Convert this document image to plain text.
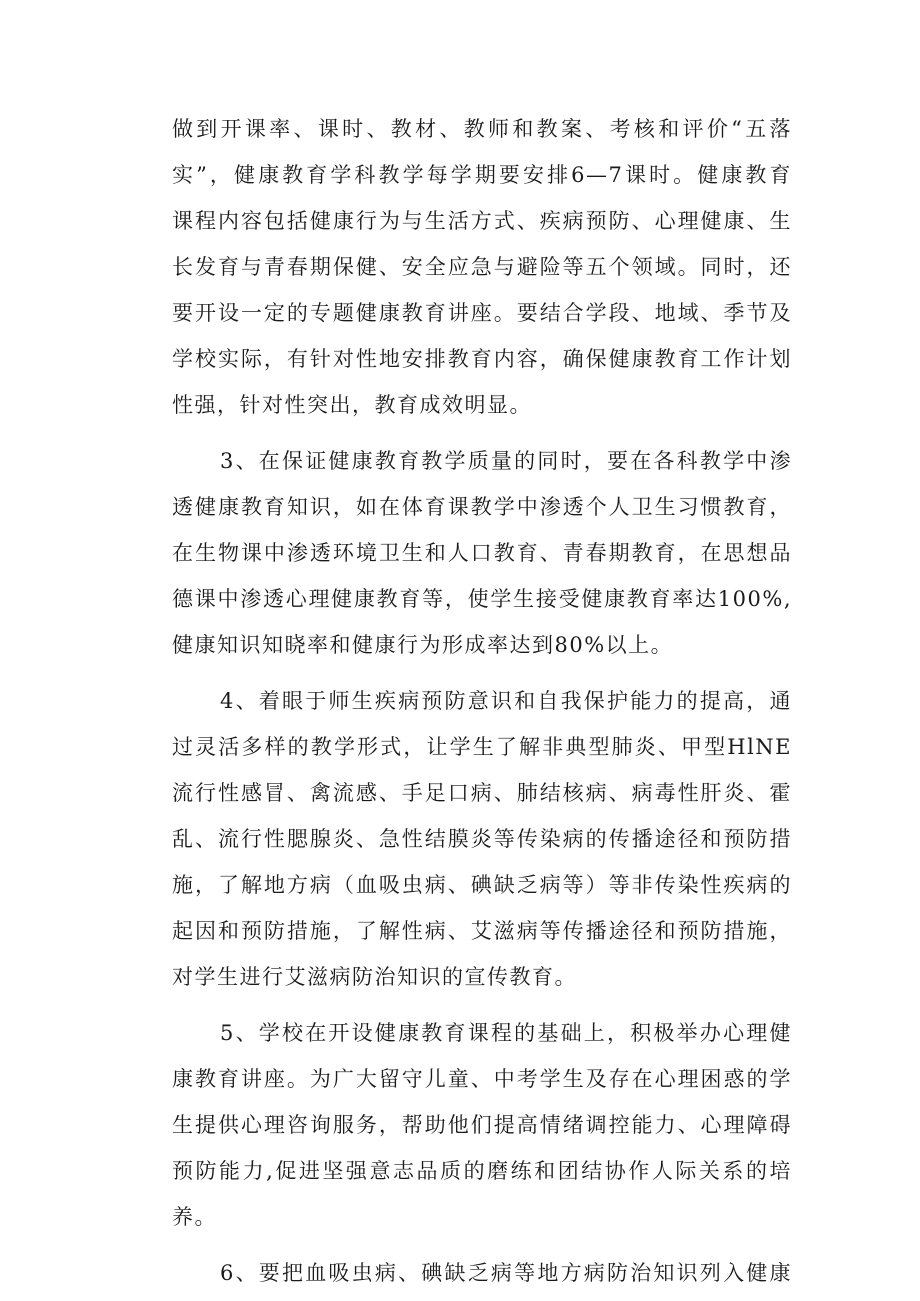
做到开课率、课时、教材、教师和教案、考核和评价“五落
实”，健康教育学科教学每学期要安排6—7课时。健康教育
课程内容包括健康行为与生活方式、疾病预防、心理健康、生
长发育与青春期保健、安全应急与避险等五个领域。同时，还
要开设一定的专题健康教育讲座。要结合学段、地域、季节及
学校实际，有针对性地安排教育内容，确保健康教育工作计划
性强，针对性突出，教育成效明显。
3、在保证健康教育教学质量的同时，要在各科教学中渗
透健康教育知识，如在体育课教学中渗透个人卫生习惯教育，
在生物课中渗透环境卫生和人口教育、青春期教育，在思想品
德课中渗透心理健康教育等，使学生接受健康教育率达100%,
健康知识知晓率和健康行为形成率达到80%以上。
4、着眼于师生疾病预防意识和自我保护能力的提高，通
过灵活多样的教学形式，让学生了解非典型肺炎、甲型HlNE
流行性感冒、禽流感、手足口病、肺结核病、病毒性肝炎、霍
乱、流行性腮腺炎、急性结膜炎等传染病的传播途径和预防措
施，了解地方病（血吸虫病、碘缺乏病等）等非传染性疾病的
起因和预防措施，了解性病、艾滋病等传播途径和预防措施，
对学生进行艾滋病防治知识的宣传教育。
5、学校在开设健康教育课程的基础上，积极举办心理健
康教育讲座。为广大留守儿童、中考学生及存在心理困惑的学
生提供心理咨询服务，帮助他们提高情绪调控能力、心理障碍
预防能力,促进坚强意志品质的磨练和团结协作人际关系的培
养。
6、要把血吸虫病、碘缺乏病等地方病防治知识列入健康
